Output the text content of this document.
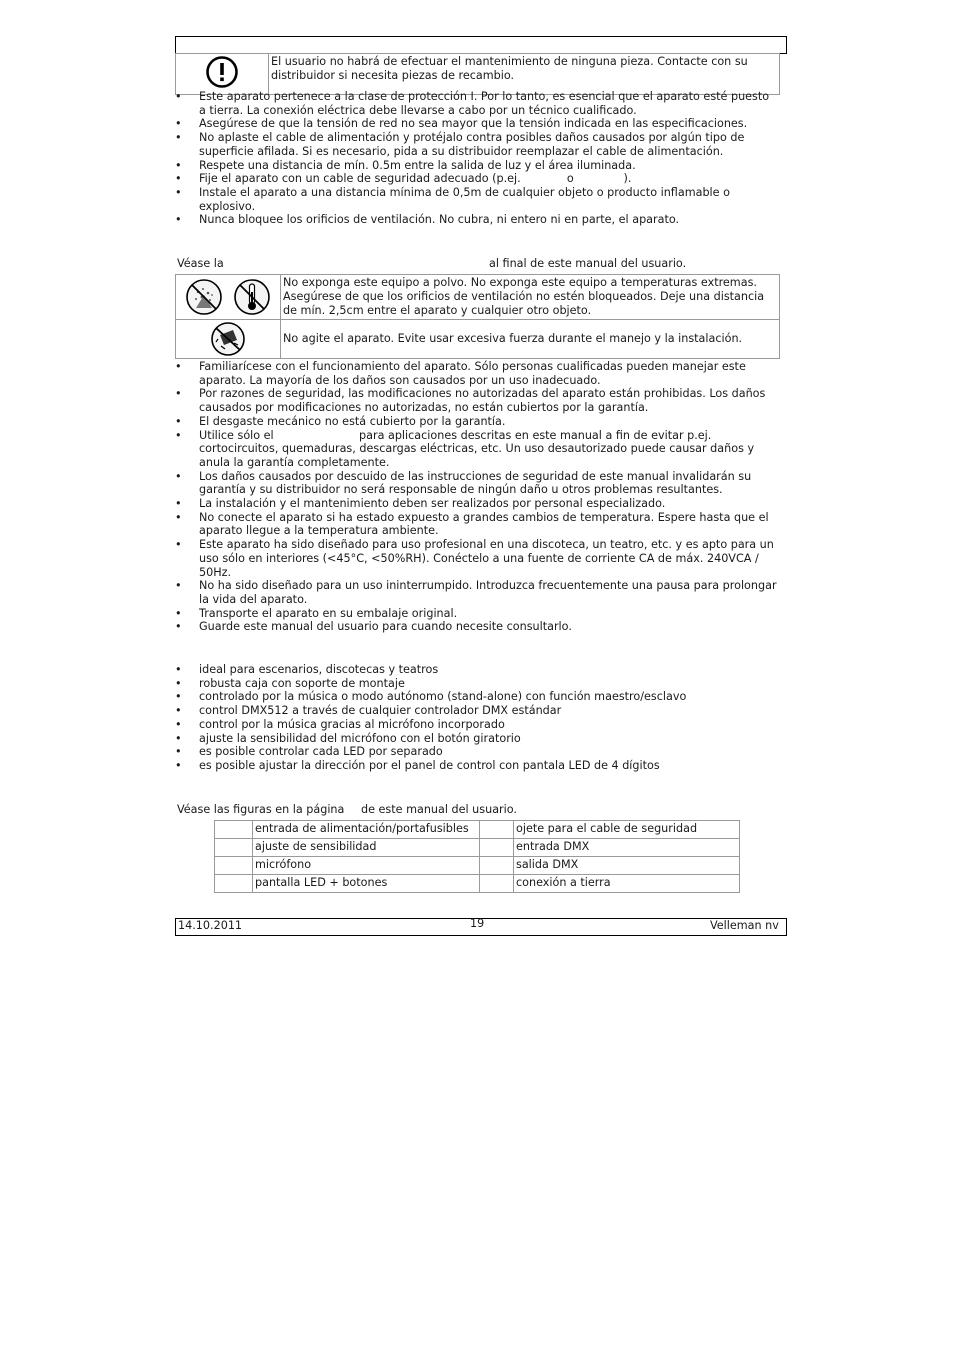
	El usuario no habrá de efectuar el mantenimiento de ninguna pieza. Contacte con su distribuidor si necesita piezas de recambio.
• Este aparato pertenece a la clase de protección I. Por lo tanto, es esencial que el aparato esté puesto a tierra. La conexión eléctrica debe llevarse a cabo por un técnico cualificado.
• Asegúrese de que la tensión de red no sea mayor que la tensión indicada en las especificaciones.
• No aplaste el cable de alimentación y protéjalo contra posibles daños causados por algún tipo de superficie afilada. Si es necesario, pida a su distribuidor reemplazar el cable de alimentación.
• Respete una distancia de mín. 0.5m entre la salida de luz y el área iluminada.
• Fije el aparato con un cable de seguridad adecuado (p.ej.             o              ).
• Instale el aparato a una distancia mínima de 0,5m de cualquier objeto o producto inflamable o explosivo.
• Nunca bloquee los orificios de ventilación. No cubra, ni entero ni en parte, el aparato.
Véase la	al final de este manual del usuario.
	No exponga este equipo a polvo. No exponga este equipo a temperaturas extremas. Asegúrese de que los orificios de ventilación no estén bloqueados. Deje una distancia de mín. 2,5cm entre el aparato y cualquier otro objeto.
	No agite el aparato. Evite usar excesiva fuerza durante el manejo y la instalación.
• Familiarícese con el funcionamiento del aparato. Sólo personas cualificadas pueden manejar este aparato. La mayoría de los daños son causados por un uso inadecuado.
• Por razones de seguridad, las modificaciones no autorizadas del aparato están prohibidas. Los daños causados por modificaciones no autorizadas, no están cubiertos por la garantía.
• El desgaste mecánico no está cubierto por la garantía.
• Utilice sólo el                        para aplicaciones descritas en este manual a fin de evitar p.ej. cortocircuitos, quemaduras, descargas eléctricas, etc. Un uso desautorizado puede causar daños y anula la garantía completamente.
• Los daños causados por descuido de las instrucciones de seguridad de este manual invalidarán su garantía y su distribuidor no será responsable de ningún daño u otros problemas resultantes.
• La instalación y el mantenimiento deben ser realizados por personal especializado.
• No conecte el aparato si ha estado expuesto a grandes cambios de temperatura. Espere hasta que el aparato llegue a la temperatura ambiente.
• Este aparato ha sido diseñado para uso profesional en una discoteca, un teatro, etc. y es apto para un uso sólo en interiores (<45°C, <50%RH). Conéctelo a una fuente de corriente CA de máx. 240VCA / 50Hz.
• No ha sido diseñado para un uso ininterrumpido. Introduzca frecuentemente una pausa para prolongar la vida del aparato.
• Transporte el aparato en su embalaje original.
• Guarde este manual del usuario para cuando necesite consultarlo.
• ideal para escenarios, discotecas y teatros
• robusta caja con soporte de montaje
• controlado por la música o modo autónomo (stand-alone) con función maestro/esclavo
• control DMX512 a través de cualquier controlador DMX estándar
• control por la música gracias al micrófono incorporado
• ajuste la sensibilidad del micrófono con el botón giratorio
• es posible controlar cada LED por separado
• es posible ajustar la dirección por el panel de control con pantala LED de 4 dígitos
Véase las figuras en la página de este manual del usuario.
	entrada de alimentación/portafusibles		ojete para el cable de seguridad
	ajuste de sensibilidad		entrada DMX
	micrófono		salida DMX
	pantalla LED + botones		conexión a tierra
14.10.2011	19	Velleman nv
